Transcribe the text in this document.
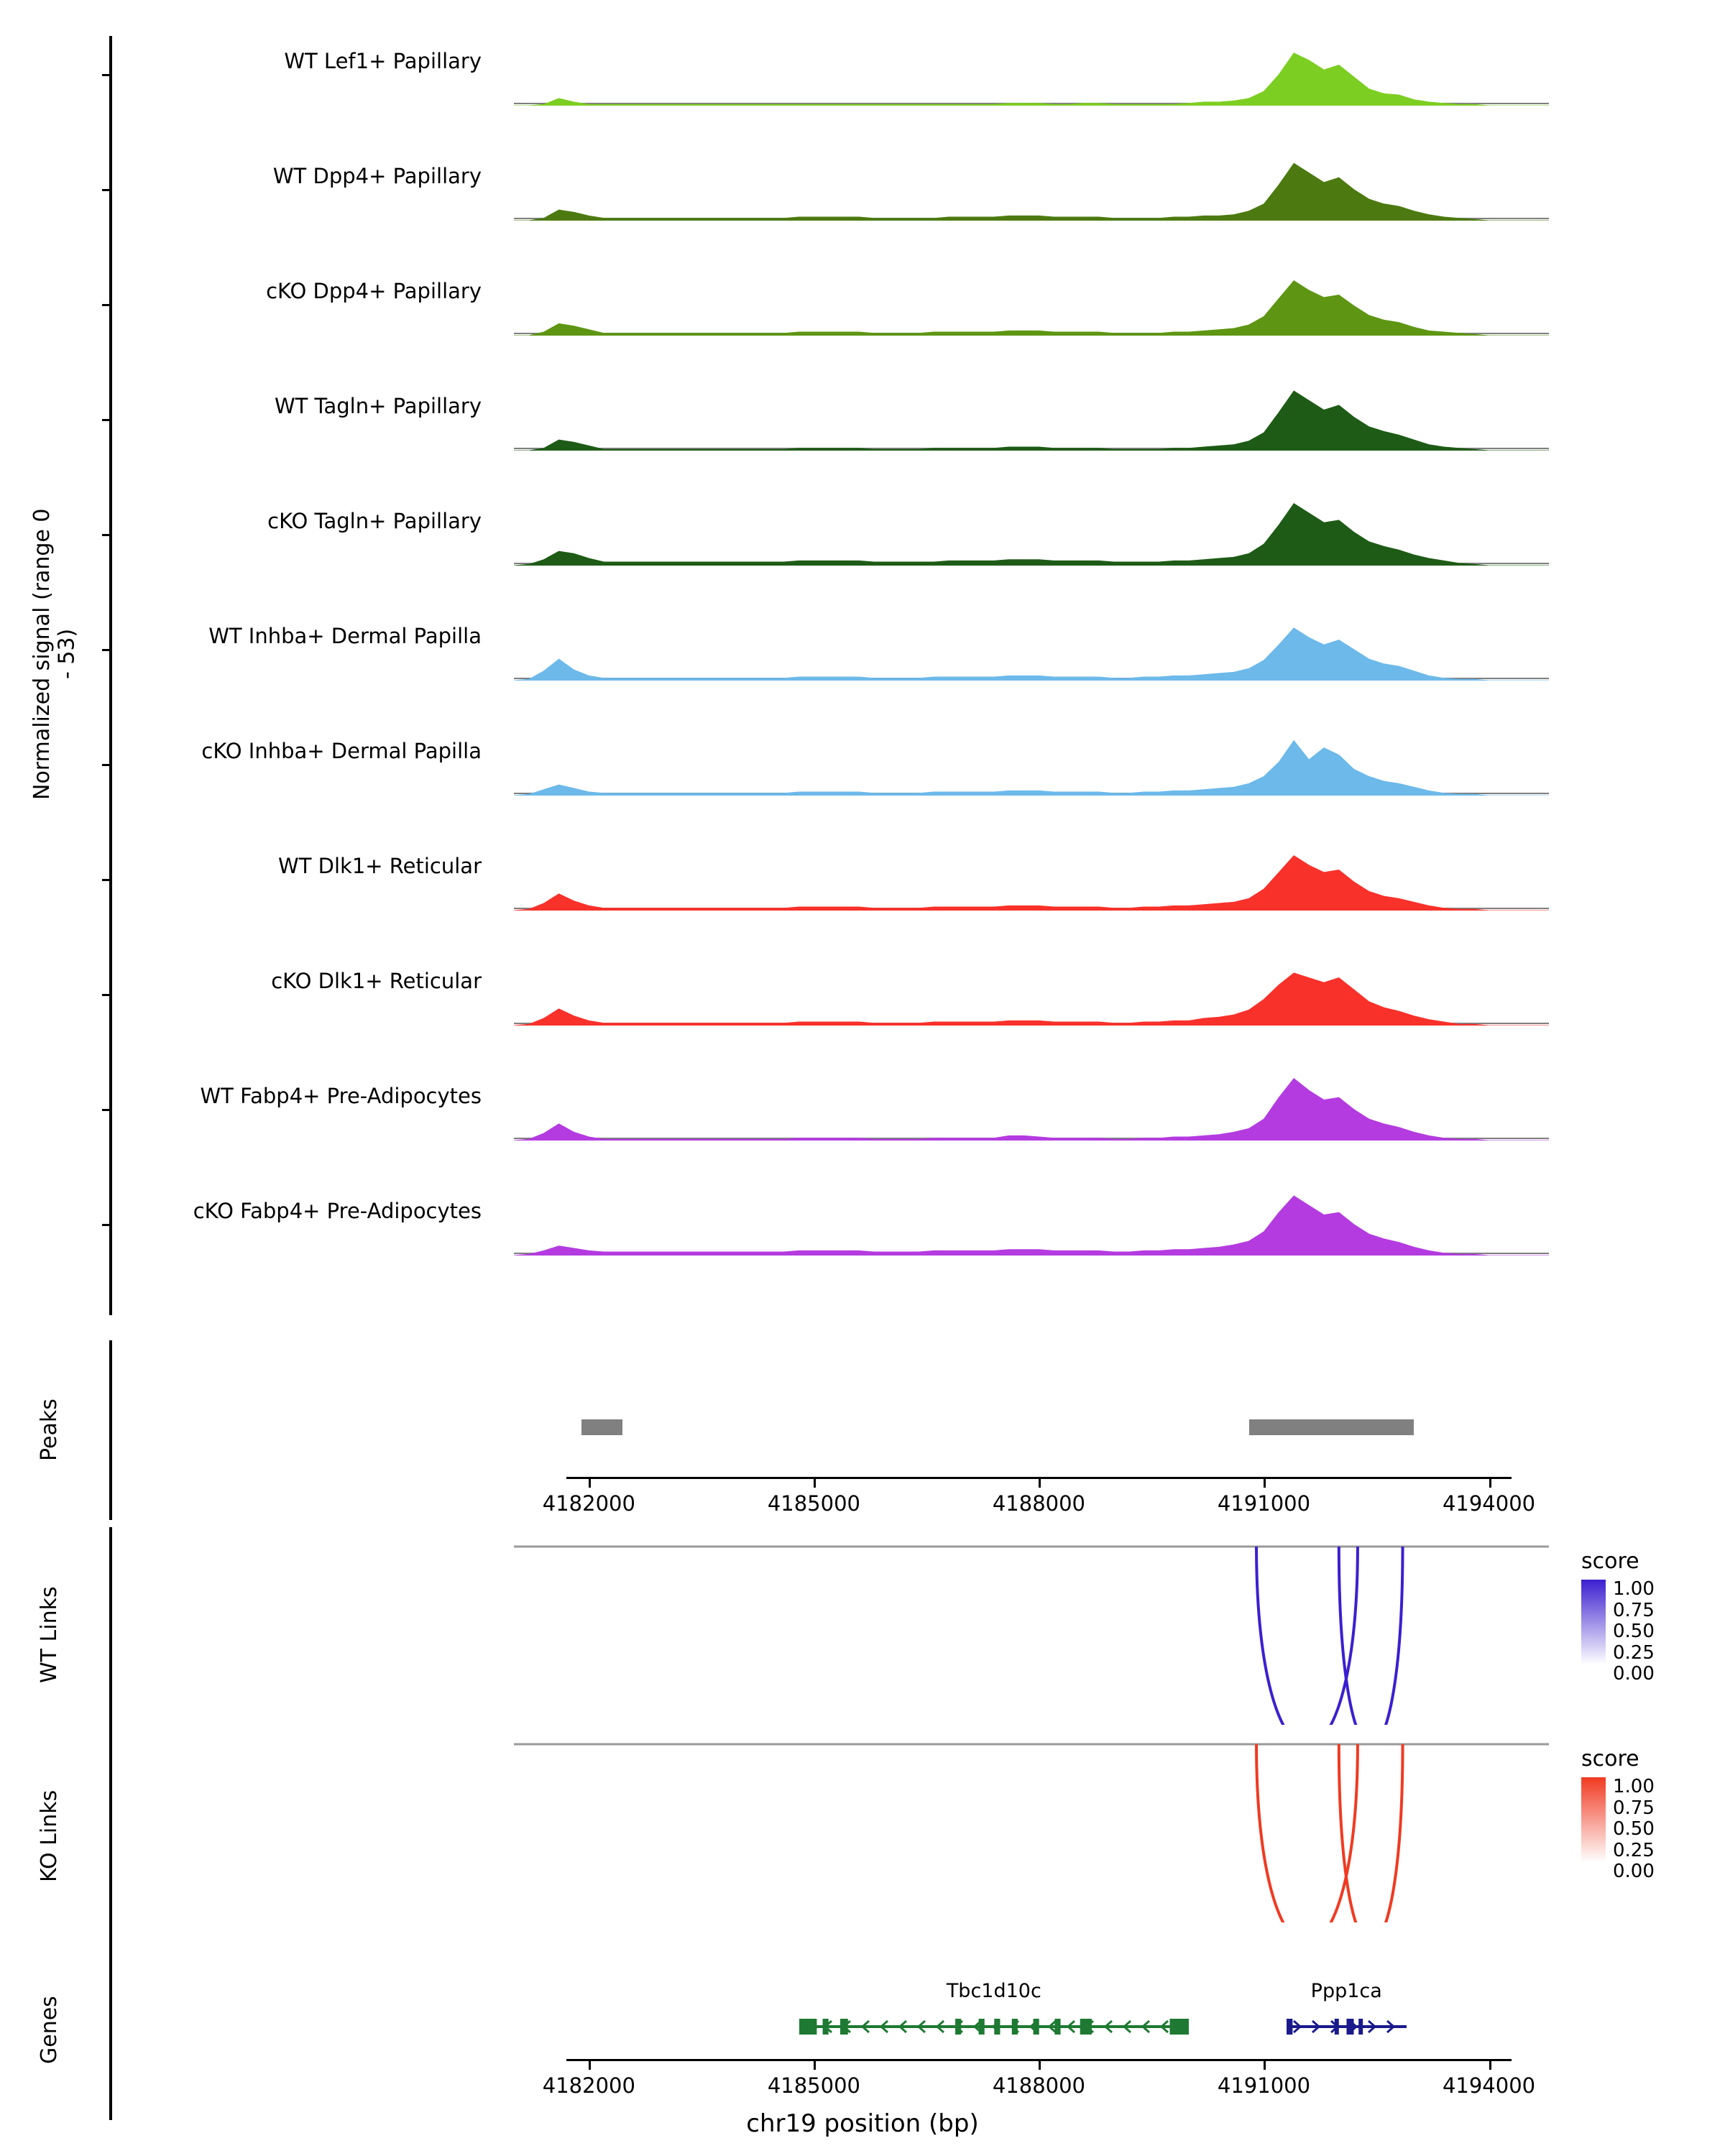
Normalized signal (range 0 - 53)
WT Lef1+ Papillary
WT Dpp4+ Papillary
cKO Dpp4+ Papillary
WT Tagln+ Papillary
cKO Tagln+ Papillary
WT Inhba+ Dermal Papilla
cKO Inhba+ Dermal Papilla
WT Dlk1+ Reticular
cKO Dlk1+ Reticular
WT Fabp4+ Pre-Adipocytes
cKO Fabp4+ Pre-Adipocytes
Peaks
4182000	4185000	4188000	4191000	4194000
WT Links
KO Links
score
1.00
0.75
0.50
0.25
0.00
score
1.00
0.75
0.50
0.25
0.00
Genes
Tbc1d10c	Ppp1ca
4182000	4185000	4188000	4191000	4194000
chr19 position (bp)
